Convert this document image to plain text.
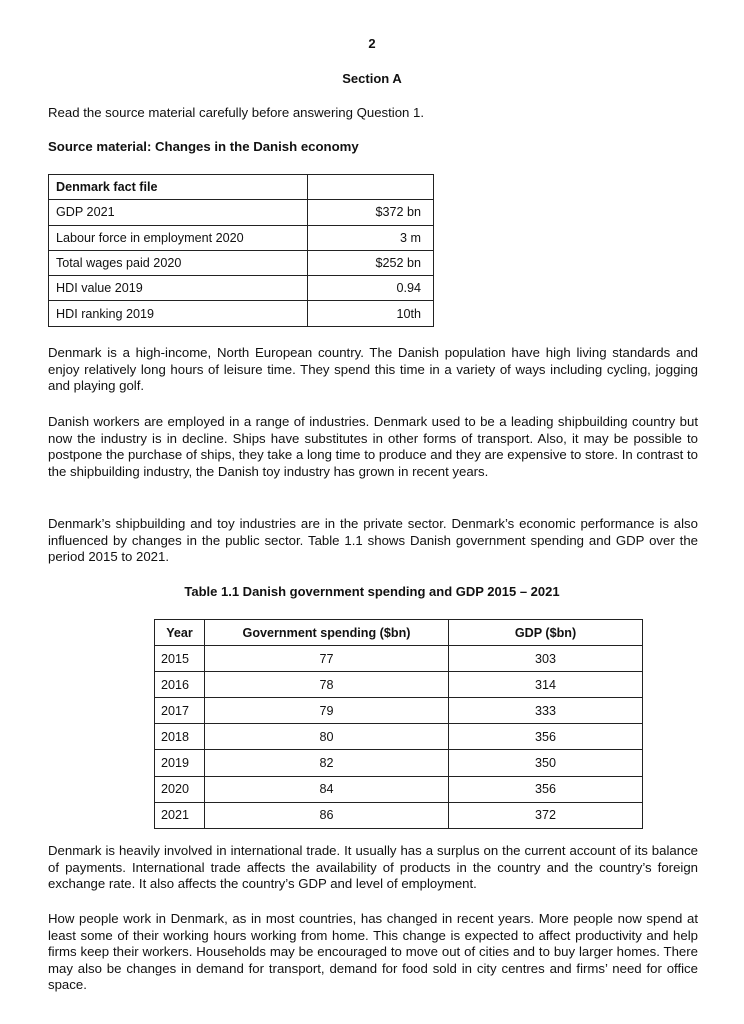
2
Section A
Read the source material carefully before answering Question 1.
Source material: Changes in the Danish economy
Denmark fact file	
GDP 2021	$372 bn
Labour force in employment 2020	3 m
Total wages paid 2020	$252 bn
HDI value 2019	0.94
HDI ranking 2019	10th

Denmark is a high-income, North European country. The Danish population have high living standards and enjoy relatively long hours of leisure time. They spend this time in a variety of ways including cycling, jogging and playing golf.

Danish workers are employed in a range of industries. Denmark used to be a leading shipbuilding country but now the industry is in decline. Ships have substitutes in other forms of transport. Also, it may be possible to postpone the purchase of ships, they take a long time to produce and they are expensive to store. In contrast to the shipbuilding industry, the Danish toy industry has grown in recent years.

Denmark’s shipbuilding and toy industries are in the private sector. Denmark’s economic performance is also influenced by changes in the public sector. Table 1.1 shows Danish government spending and GDP over the period 2015 to 2021.

Table 1.1 Danish government spending and GDP 2015 – 2021
Year	Government spending ($bn)	GDP ($bn)
2015	77	303
2016	78	314
2017	79	333
2018	80	356
2019	82	350
2020	84	356
2021	86	372

Denmark is heavily involved in international trade. It usually has a surplus on the current account of its balance of payments. International trade affects the availability of products in the country and the country’s foreign exchange rate. It also affects the country’s GDP and level of employment.

How people work in Denmark, as in most countries, has changed in recent years. More people now spend at least some of their working hours working from home. This change is expected to affect productivity and help firms keep their workers. Households may be encouraged to move out of cities and to buy larger homes. There may also be changes in demand for transport, demand for food sold in city centres and firms’ need for office space.
